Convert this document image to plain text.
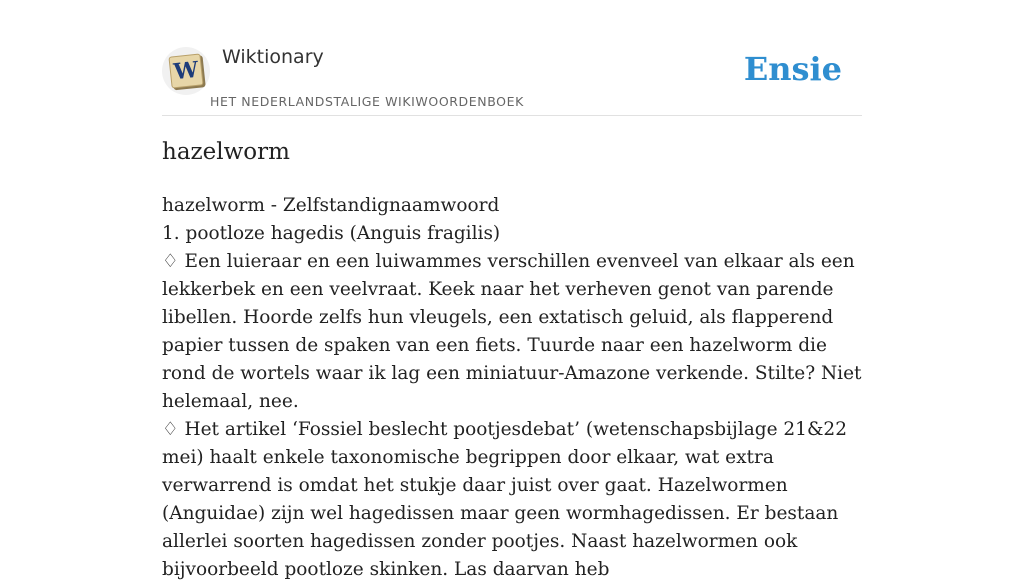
W Wiktionary
HET NEDERLANDSTALIGE WIKIWOORDENBOEK
Ensie
hazelworm

hazelworm - Zelfstandignaamwoord

1. pootloze hagedis (Anguis fragilis)

♢ Een luieraar en een luiwammes verschillen evenveel van elkaar als een lekkerbek en een veelvraat. Keek naar het verheven genot van parende libellen. Hoorde zelfs hun vleugels, een extatisch geluid, als flapperend papier tussen de spaken van een fiets. Tuurde naar een hazelworm die rond de wortels waar ik lag een miniatuur-Amazone verkende. Stilte? Niet helemaal, nee.

♢ Het artikel ‘Fossiel beslecht pootjesdebat’ (wetenschapsbijlage 21&22 mei) haalt enkele taxonomische begrippen door elkaar, wat extra verwarrend is omdat het stukje daar juist over gaat. Hazelwormen (Anguidae) zijn wel hagedissen maar geen wormhagedissen. Er bestaan allerlei soorten hagedissen zonder pootjes. Naast hazelwormen ook bijvoorbeeld pootloze skinken. Las daarvan heb
